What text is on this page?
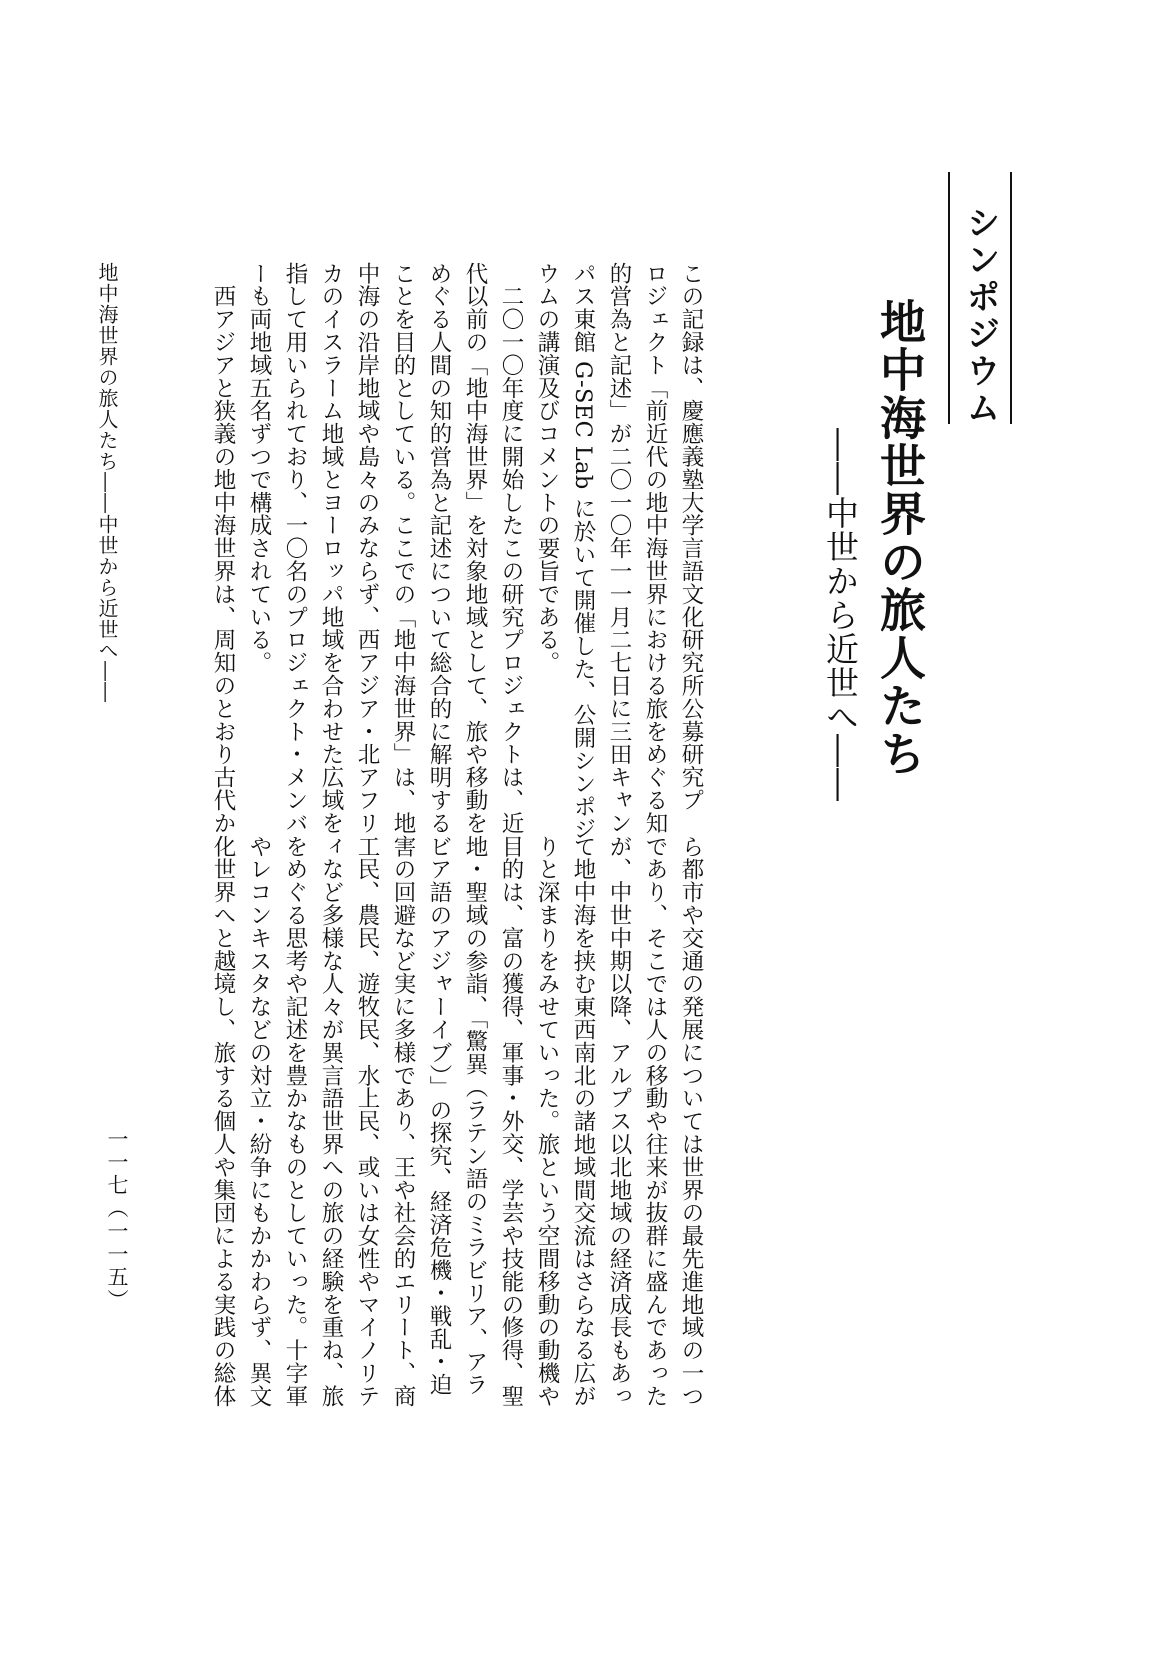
シンポジウム
地中海世界の旅人たち
――中世から近世へ――
この記録は、慶應義塾大学言語文化研究所公募研究プ
ロジェクト「前近代の地中海世界における旅をめぐる知
的営為と記述」が二〇一〇年一一月二七日に三田キャン
パス東館 G-SEC Lab に於いて開催した、公開シンポジ
ウムの講演及びコメントの要旨である。
　二〇一〇年度に開始したこの研究プロジェクトは、近
代以前の「地中海世界」を対象地域として、旅や移動を
めぐる人間の知的営為と記述について総合的に解明する
ことを目的としている。ここでの「地中海世界」は、地
中海の沿岸地域や島々のみならず、西アジア・北アフリ
カのイスラーム地域とヨーロッパ地域を合わせた広域を
指して用いられており、一〇名のプロジェクト・メンバ
ーも両地域五名ずつで構成されている。
　西アジアと狭義の地中海世界は、周知のとおり古代か
ら都市や交通の発展については世界の最先進地域の一つ
であり、そこでは人の移動や往来が抜群に盛んであった
が、中世中期以降、アルプス以北地域の経済成長もあっ
て地中海を挟む東西南北の諸地域間交流はさらなる広が
りと深まりをみせていった。旅という空間移動の動機や
目的は、富の獲得、軍事・外交、学芸や技能の修得、聖
地・聖域の参詣、「驚異（ラテン語のミラビリア、アラ
ビア語のアジャーイブ）」の探究、経済危機・戦乱・迫
害の回避など実に多様であり、王や社会的エリート、商
工民、農民、遊牧民、水上民、或いは女性やマイノリテ
ィなど多様な人々が異言語世界への旅の経験を重ね、旅
をめぐる思考や記述を豊かなものとしていった。十字軍
やレコンキスタなどの対立・紛争にもかかわらず、異文
化世界へと越境し、旅する個人や集団による実践の総体
地中海世界の旅人たち――中世から近世へ――
一一七（一一五）
